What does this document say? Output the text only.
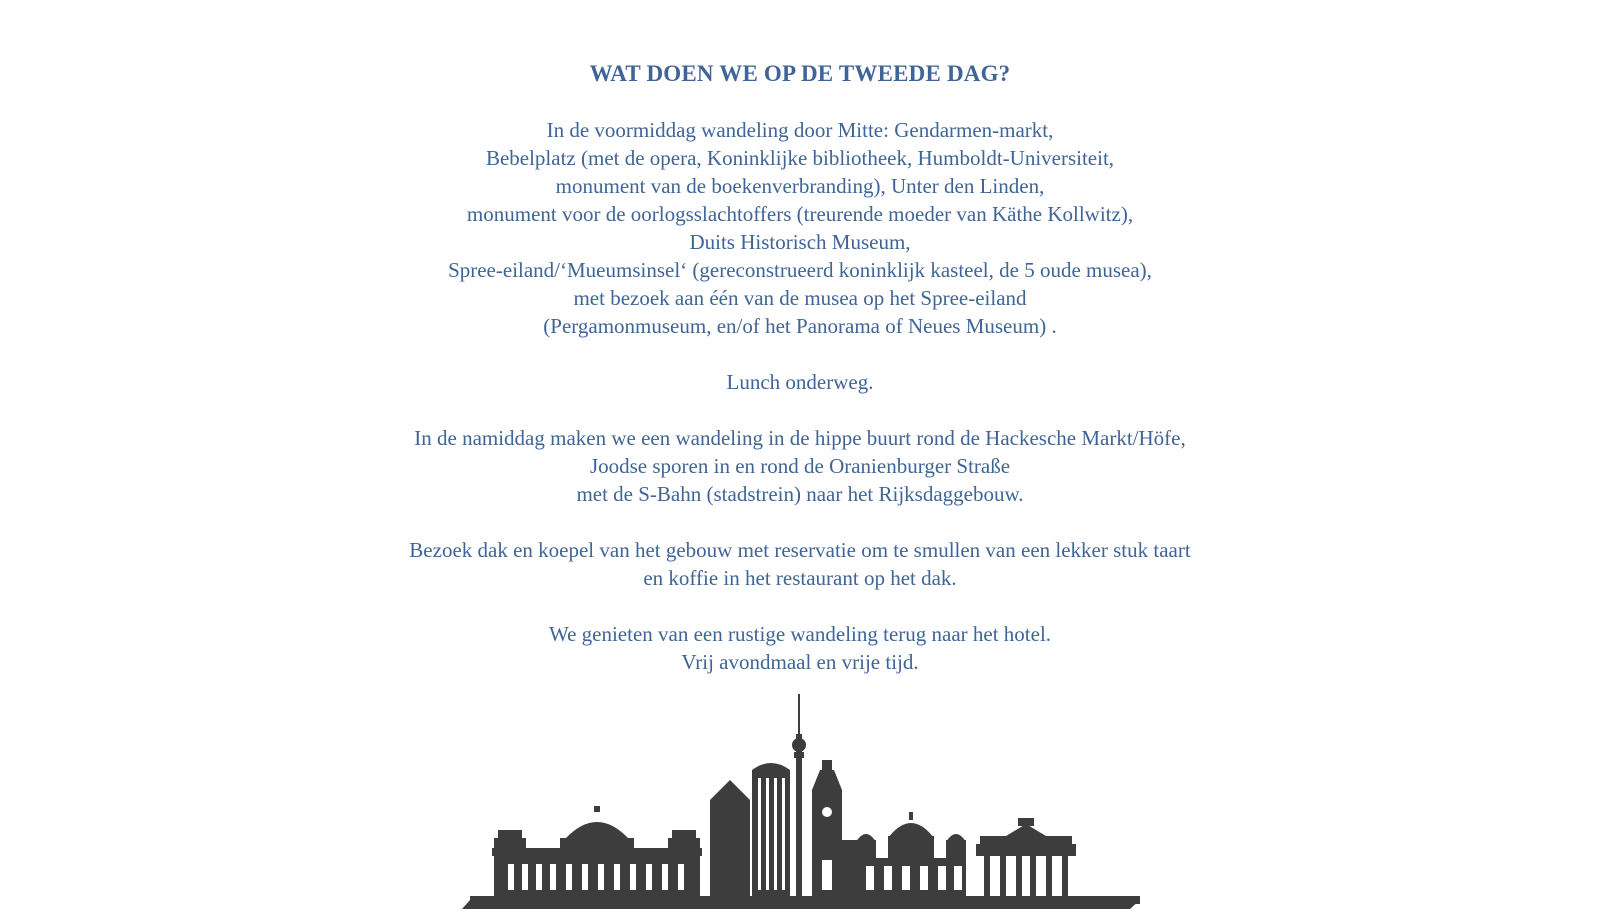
WAT DOEN WE OP DE TWEEDE DAG?
In de voormiddag wandeling door Mitte: Gendarmen-markt,
Bebelplatz (met de opera, Koninklijke bibliotheek, Humboldt-Universiteit,
monument van de boekenverbranding), Unter den Linden,
monument voor de oorlogsslachtoffers (treurende moeder van Käthe Kollwitz),
Duits Historisch Museum,
Spree-eiland/‘Mueumsinsel‘ (gereconstrueerd koninklijk kasteel, de 5 oude musea),
met bezoek aan één van de musea op het Spree-eiland
(Pergamonmuseum, en/of het Panorama of Neues Museum) .
Lunch onderweg.
In de namiddag maken we een wandeling in de hippe buurt rond de Hackesche Markt/Höfe,
Joodse sporen in en rond de Oranienburger Straße
met de S-Bahn (stadstrein) naar het Rijksdaggebouw.
Bezoek dak en koepel van het gebouw met reservatie om te smullen van een lekker stuk taart
en koffie in het restaurant op het dak.
We genieten van een rustige wandeling terug naar het hotel.
Vrij avondmaal en vrije tijd.
